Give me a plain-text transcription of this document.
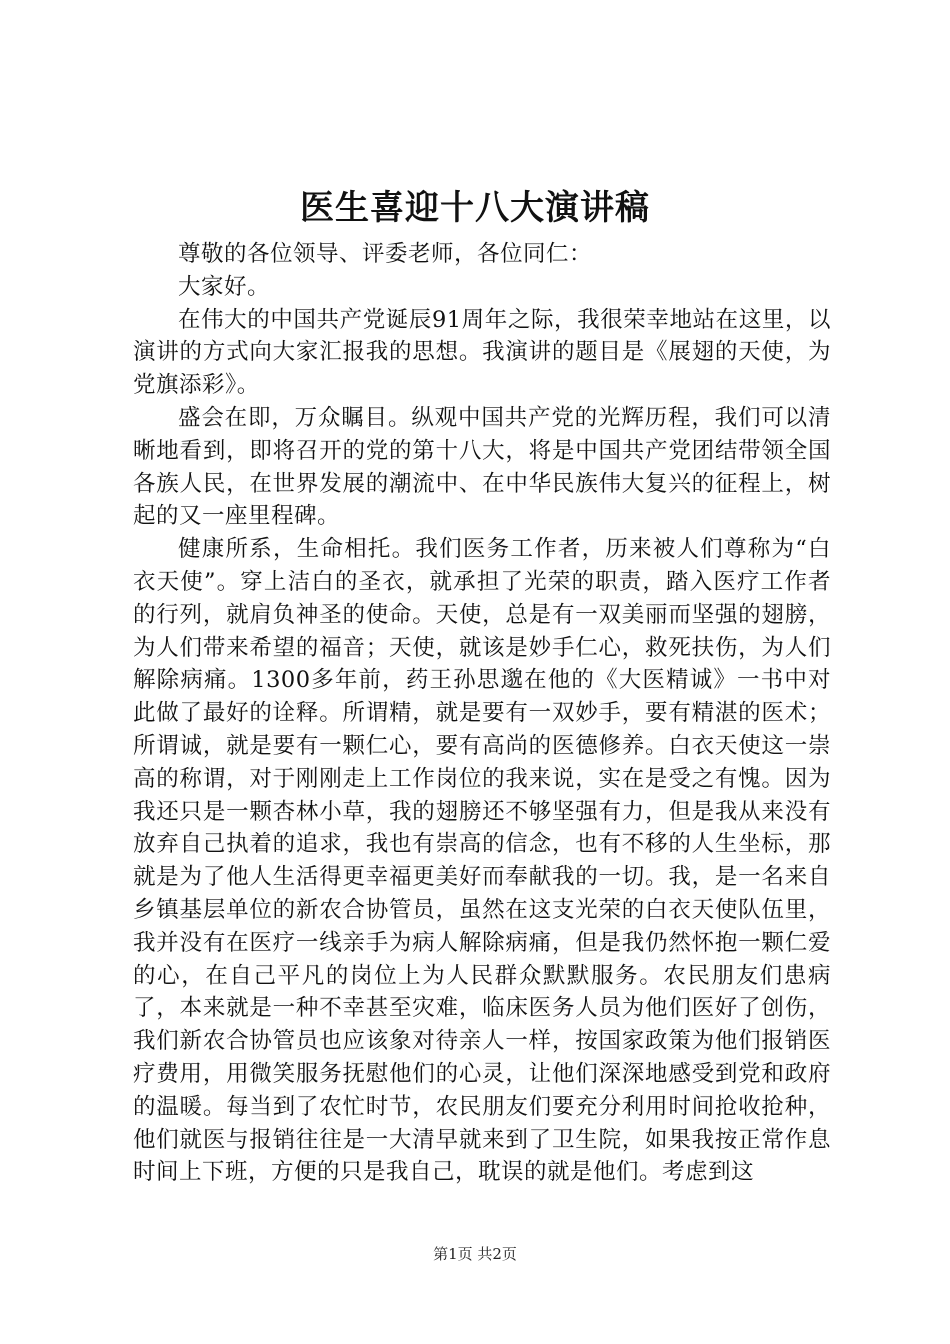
医生喜迎十八大演讲稿

尊敬的各位领导、评委老师，各位同仁：

大家好。

在伟大的中国共产党诞辰91周年之际，我很荣幸地站在这里，以演讲的方式向大家汇报我的思想。我演讲的题目是《展翅的天使，为党旗添彩》。

盛会在即，万众瞩目。纵观中国共产党的光辉历程，我们可以清晰地看到，即将召开的党的第十八大，将是中国共产党团结带领全国各族人民，在世界发展的潮流中、在中华民族伟大复兴的征程上，树起的又一座里程碑。

健康所系，生命相托。我们医务工作者，历来被人们尊称为“白衣天使”。穿上洁白的圣衣，就承担了光荣的职责，踏入医疗工作者的行列，就肩负神圣的使命。天使，总是有一双美丽而坚强的翅膀，为人们带来希望的福音；天使，就该是妙手仁心，救死扶伤，为人们解除病痛。1300多年前，药王孙思邈在他的《大医精诚》一书中对此做了最好的诠释。所谓精，就是要有一双妙手，要有精湛的医术；所谓诚，就是要有一颗仁心，要有高尚的医德修养。白衣天使这一崇高的称谓，对于刚刚走上工作岗位的我来说，实在是受之有愧。因为我还只是一颗杏林小草，我的翅膀还不够坚强有力，但是我从来没有放弃自己执着的追求，我也有崇高的信念，也有不移的人生坐标，那就是为了他人生活得更幸福更美好而奉献我的一切。我，是一名来自乡镇基层单位的新农合协管员，虽然在这支光荣的白衣天使队伍里，我并没有在医疗一线亲手为病人解除病痛，但是我仍然怀抱一颗仁爱的心，在自己平凡的岗位上为人民群众默默服务。农民朋友们患病了，本来就是一种不幸甚至灾难，临床医务人员为他们医好了创伤，我们新农合协管员也应该象对待亲人一样，按国家政策为他们报销医疗费用，用微笑服务抚慰他们的心灵，让他们深深地感受到党和政府的温暖。每当到了农忙时节，农民朋友们要充分利用时间抢收抢种，他们就医与报销往往是一大清早就来到了卫生院，如果我按正常作息时间上下班，方便的只是我自己，耽误的就是他们。考虑到这

第1页 共2页
